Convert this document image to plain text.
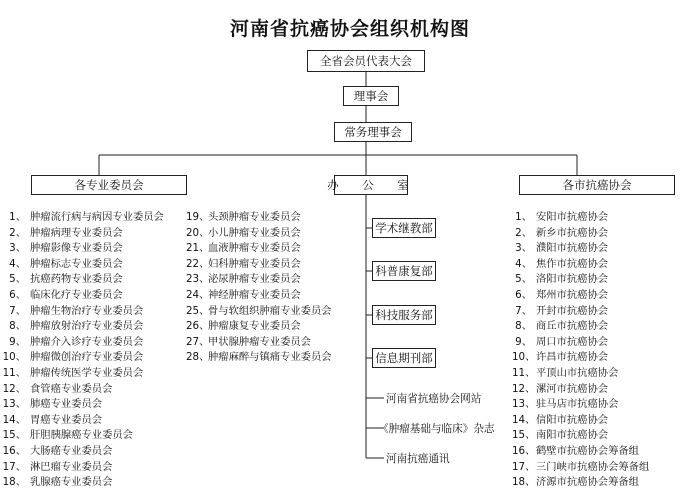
河南省抗癌协会组织机构图
全省会员代表大会
理事会
常务理事会
各专业委员会	办　公　室	各市抗癌协会
学术继教部
科普康复部
科技服务部
信息期刊部
河南省抗癌协会网站
《肿瘤基础与临床》杂志
河南抗癌通讯
1、 肿瘤流行病与病因专业委员会
2、 肿瘤病理专业委员会
3、 肿瘤影像专业委员会
4、 肿瘤标志专业委员会
5、 抗癌药物专业委员会
6、 临床化疗专业委员会
7、 肿瘤生物治疗专业委员会
8、 肿瘤放射治疗专业委员会
9、 肿瘤介入诊疗专业委员会
10、 肿瘤微创治疗专业委员会
11、 肿瘤传统医学专业委员会
12、 食管癌专业委员会
13、 肺癌专业委员会
14、 胃癌专业委员会
15、 肝胆胰腺癌专业委员会
16、 大肠癌专业委员会
17、 淋巴瘤专业委员会
18、 乳腺癌专业委员会
19、头颈肿瘤专业委员会
20、小儿肿瘤专业委员会
21、血液肿瘤专业委员会
22、妇科肿瘤专业委员会
23、泌尿肿瘤专业委员会
24、神经肿瘤专业委员会
25、骨与软组织肿瘤专业委员会
26、肿瘤康复专业委员会
27、甲状腺肿瘤专业委员会
28、肿瘤麻醉与镇痛专业委员会
1、 安阳市抗癌协会
2、 新乡市抗癌协会
3、 濮阳市抗癌协会
4、 焦作市抗癌协会
5、 洛阳市抗癌协会
6、 郑州市抗癌协会
7、 开封市抗癌协会
8、 商丘市抗癌协会
9、 周口市抗癌协会
10、许昌市抗癌协会
11、平顶山市抗癌协会
12、漯河市抗癌协会
13、驻马店市抗癌协会
14、信阳市抗癌协会
15、南阳市抗癌协会
16、鹤壁市抗癌协会筹备组
17、三门峡市抗癌协会筹备组
18、济源市抗癌协会筹备组
